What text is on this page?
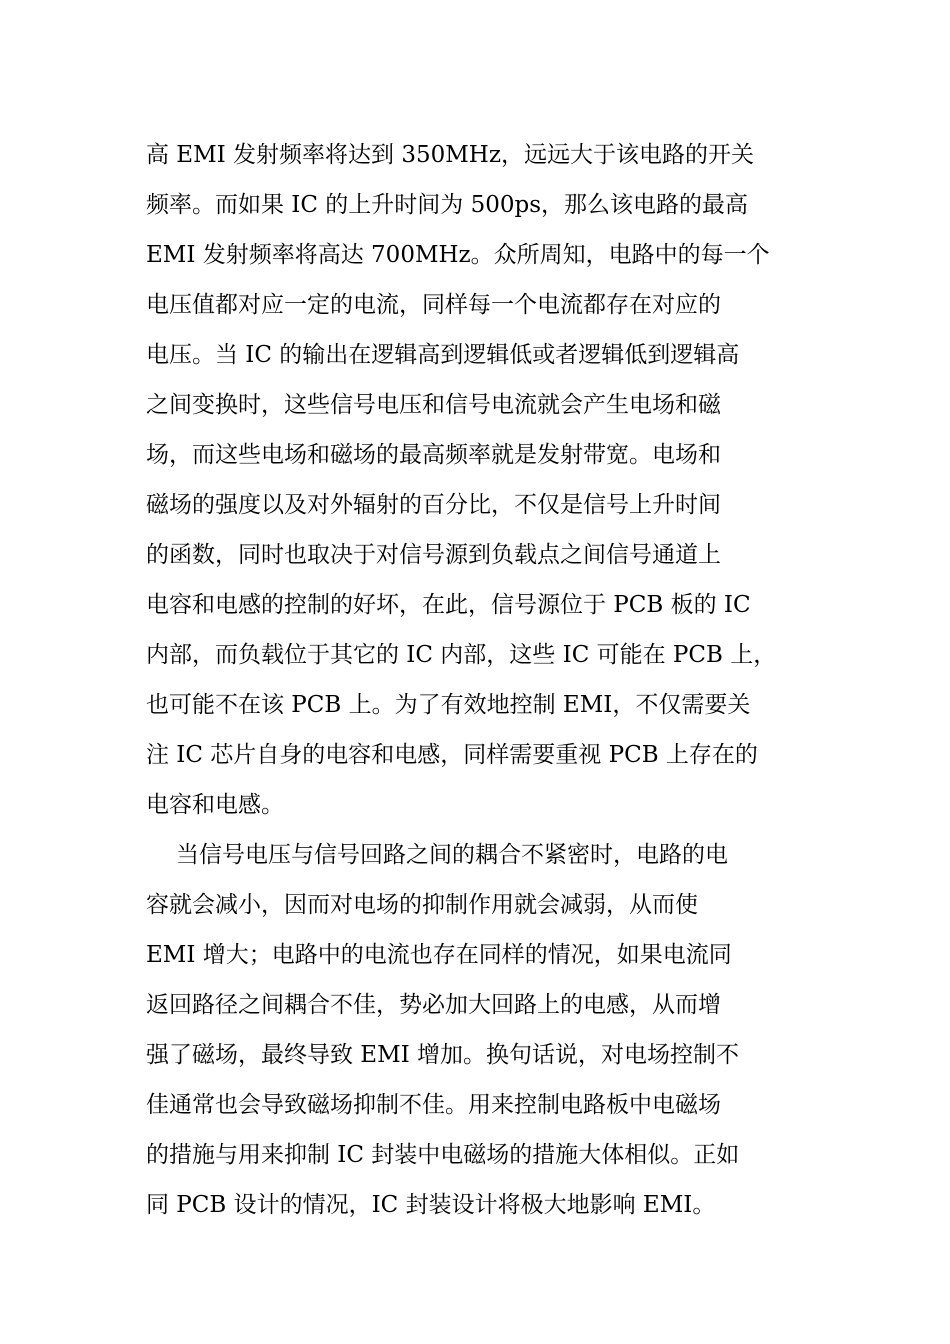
高 EMI 发射频率将达到 350MHz，远远大于该电路的开关
频率。而如果 IC 的上升时间为 500ps，那么该电路的最高
EMI 发射频率将高达 700MHz。众所周知，电路中的每一个
电压值都对应一定的电流，同样每一个电流都存在对应的
电压。当 IC 的输出在逻辑高到逻辑低或者逻辑低到逻辑高
之间变换时，这些信号电压和信号电流就会产生电场和磁
场，而这些电场和磁场的最高频率就是发射带宽。电场和
磁场的强度以及对外辐射的百分比，不仅是信号上升时间
的函数，同时也取决于对信号源到负载点之间信号通道上
电容和电感的控制的好坏，在此，信号源位于 PCB 板的 IC
内部，而负载位于其它的 IC 内部，这些 IC 可能在 PCB 上，
也可能不在该 PCB 上。为了有效地控制 EMI，不仅需要关
注 IC 芯片自身的电容和电感，同样需要重视 PCB 上存在的
电容和电感。
当信号电压与信号回路之间的耦合不紧密时，电路的电
容就会减小，因而对电场的抑制作用就会减弱，从而使
EMI 增大；电路中的电流也存在同样的情况，如果电流同
返回路径之间耦合不佳，势必加大回路上的电感，从而增
强了磁场，最终导致 EMI 增加。换句话说，对电场控制不
佳通常也会导致磁场抑制不佳。用来控制电路板中电磁场
的措施与用来抑制 IC 封装中电磁场的措施大体相似。正如
同 PCB 设计的情况，IC 封装设计将极大地影响 EMI。
